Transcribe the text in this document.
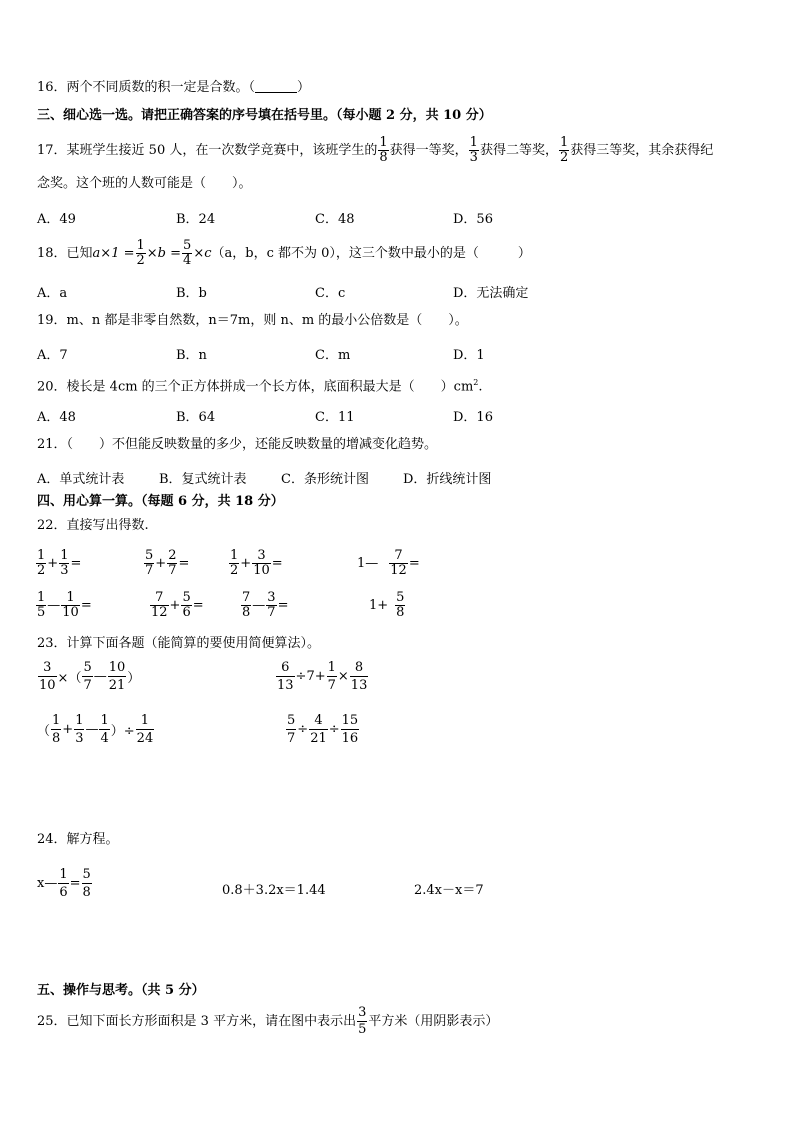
16．两个不同质数的积一定是合数。（	）
三、细心选一选。请把正确答案的序号填在括号里。（每小题 2 分，共 10 分）
17．某班学生接近 50 人，在一次数学竞赛中，该班学生的 $\frac{1}{8}$ 获得一等奖， $\frac{1}{3}$ 获得二等奖， $\frac{1}{2}$ 获得三等奖，其余获得纪
念奖。这个班的人数可能是（　　）。
A．49	B．24	C．48	D．56
18．已知$a\times 1 = \frac{1}{2} \times b = \frac{5}{4} \times c(a$，b，c 都不为 0），这三个数中最小的是（　　　）
A．a	B．b	C．c	D．无法确定
19．m、n 都是非零自然数，n＝7m，则 n、m 的最小公倍数是（　　）。
A．7	B．n	C．m	D．1
20．棱长是 4cm 的三个正方体拼成一个长方体，底面积最大是（　　）$cm^2$.
A．48	B．64	C．11	D．16
21．（　　）不但能反映数量的多少，还能反映数量的增减变化趋势。
A．单式统计表	B．复式统计表	C．条形统计图	D．折线统计图
四、用心算一算。（每题 6 分，共 18 分）
22．直接写出得数.
$\frac{1}{2} + \frac{1}{3}$ =	$\frac{5}{7} + \frac{2}{7}$ =	$\frac{1}{2} + \frac{3}{10}$ =	1— $\frac{7}{12}$ =
$\frac{1}{5}$ — $\frac{1}{10}$ =	$\frac{7}{12} + \frac{5}{6}$ =	$\frac{7}{8}$ — $\frac{3}{7}$ =	$1+ \frac{5}{8}$
23．计算下面各题（能简算的要使用简便算法）。
$\frac{3}{10}$ ×（ $\frac{5}{7}$ — $\frac{10}{21}$ ）	$\frac{6}{13} \div 7+ \frac{1}{7} \times \frac{8}{13}$
（ $\frac{1}{8} + \frac{1}{3}$ — $\frac{1}{4}$ ）÷ $\frac{1}{24}$	$\frac{5}{7} \div \frac{4}{21} \div \frac{15}{16}$
24．解方程。
x— $\frac{1}{6} = \frac{5}{8}$	0.8＋3.2x＝1.44	2.4x－x＝7
五、操作与思考。（共 5 分）
25．已知下面长方形面积是 3 平方米，请在图中表示出 $\frac{3}{5}$ 平方米（用阴影表示）
